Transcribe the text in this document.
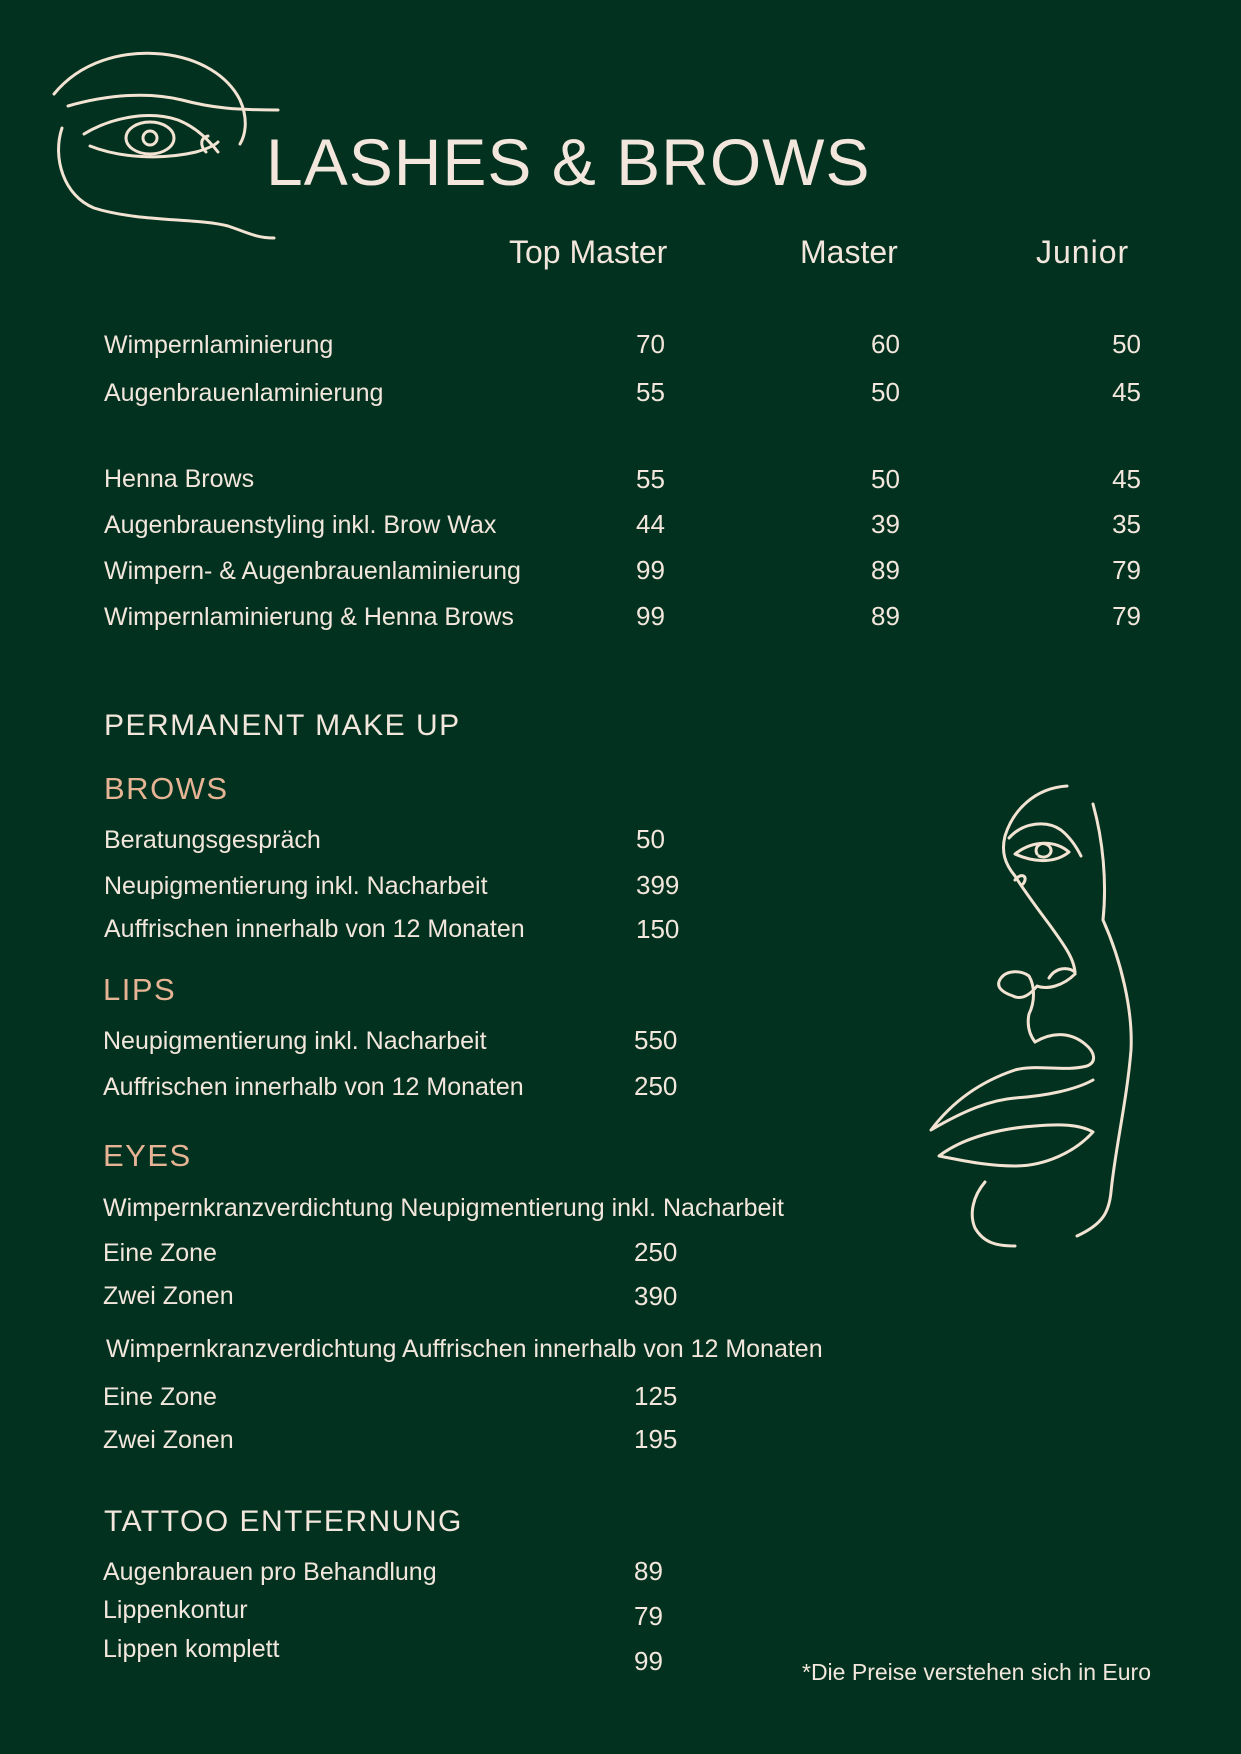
LASHES & BROWS
Top Master	Master	Junior
Wimpernlaminierung	70	60	50
Augenbrauenlaminierung	55	50	45
Henna Brows	55	50	45
Augenbrauenstyling inkl. Brow Wax	44	39	35
Wimpern- & Augenbrauenlaminierung	99	89	79
Wimpernlaminierung & Henna Brows	99	89	79
PERMANENT MAKE UP
BROWS
Beratungsgespräch	50
Neupigmentierung inkl. Nacharbeit	399
Auffrischen innerhalb von 12 Monaten	150
LIPS
Neupigmentierung inkl. Nacharbeit	550
Auffrischen innerhalb von 12 Monaten	250
EYES
Wimpernkranzverdichtung Neupigmentierung inkl. Nacharbeit
Eine Zone	250
Zwei Zonen	390
Wimpernkranzverdichtung Auffrischen innerhalb von 12 Monaten
Eine Zone	125
Zwei Zonen	195
TATTOO ENTFERNUNG
Augenbrauen pro Behandlung	89
Lippenkontur	79
Lippen komplett	99	*Die Preise verstehen sich in Euro
